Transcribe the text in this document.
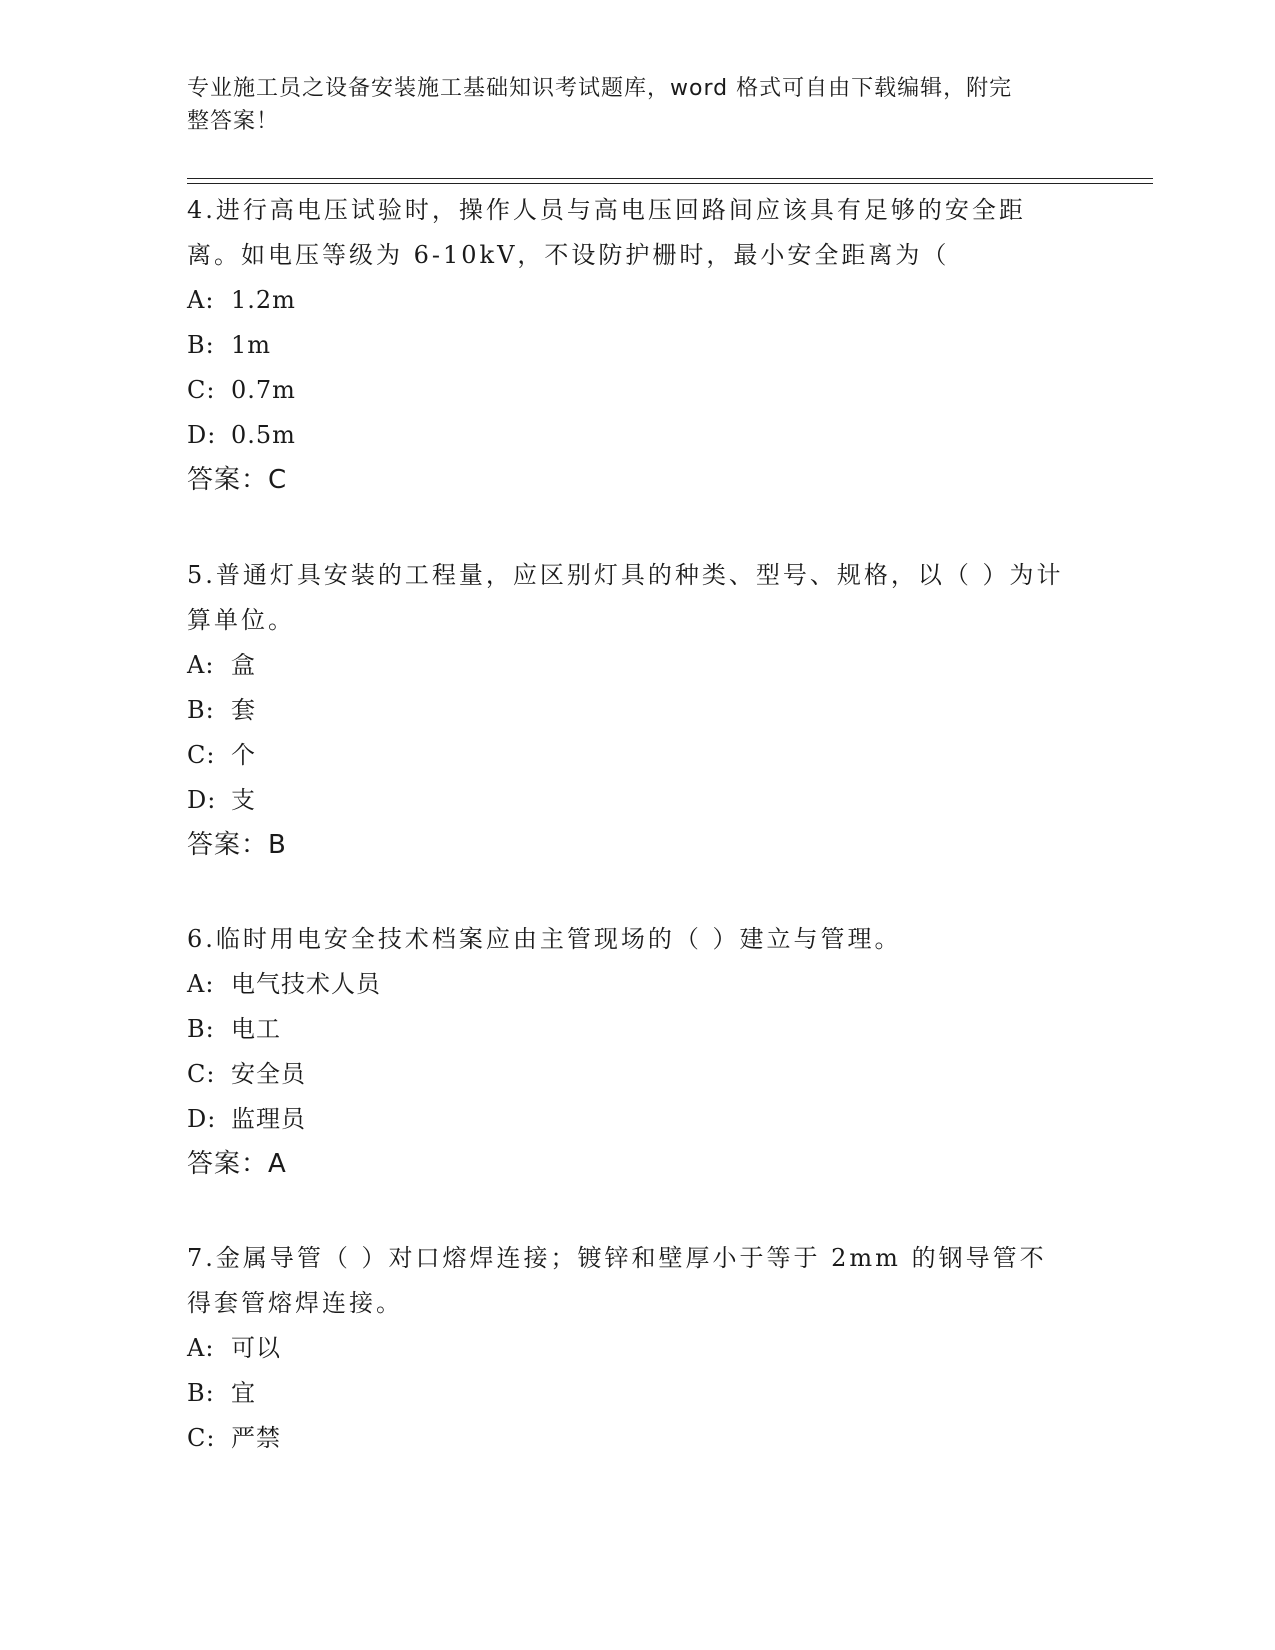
专业施工员之设备安装施工基础知识考试题库，word 格式可自由下载编辑，附完
整答案！

4.进行高电压试验时，操作人员与高电压回路间应该具有足够的安全距离。如电压等级为 6-10kV，不设防护栅时，最小安全距离为（

A: 1.2m
B: 1m
C: 0.7m
D: 0.5m
答案：C

5.普通灯具安装的工程量，应区别灯具的种类、型号、规格，以（ ）为计算单位。

A: 盒
B: 套
C: 个
D: 支
答案：B

6.临时用电安全技术档案应由主管现场的（ ）建立与管理。

A: 电气技术人员
B: 电工
C: 安全员
D: 监理员
答案：A

7.金属导管（ ）对口熔焊连接；镀锌和壁厚小于等于 2mm 的钢导管不得套管熔焊连接。

A: 可以
B: 宜
C: 严禁
